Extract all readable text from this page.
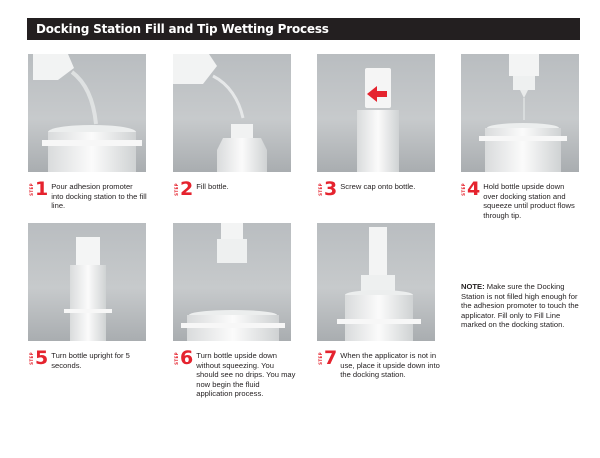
Docking Station Fill and Tip Wetting Process
STEP 1 Pour adhesion promoter into docking station to the fill line.
STEP 2 Fill bottle.	STEP 3 Screw cap onto bottle.	STEP 4 Hold bottle upside down over docking station and squeeze until product flows through tip.
STEP 5 Turn bottle upright for 5 seconds.
STEP 6 Turn bottle upside down without squeezing. You should see no drips. You may now begin the fluid application process.
STEP 7 When the applicator is not in use, place it upside down into the docking station.
NOTE: Make sure the Docking Station is not filled high enough for the adhesion promoter to touch the applicator. Fill only to Fill Line marked on the docking station.
